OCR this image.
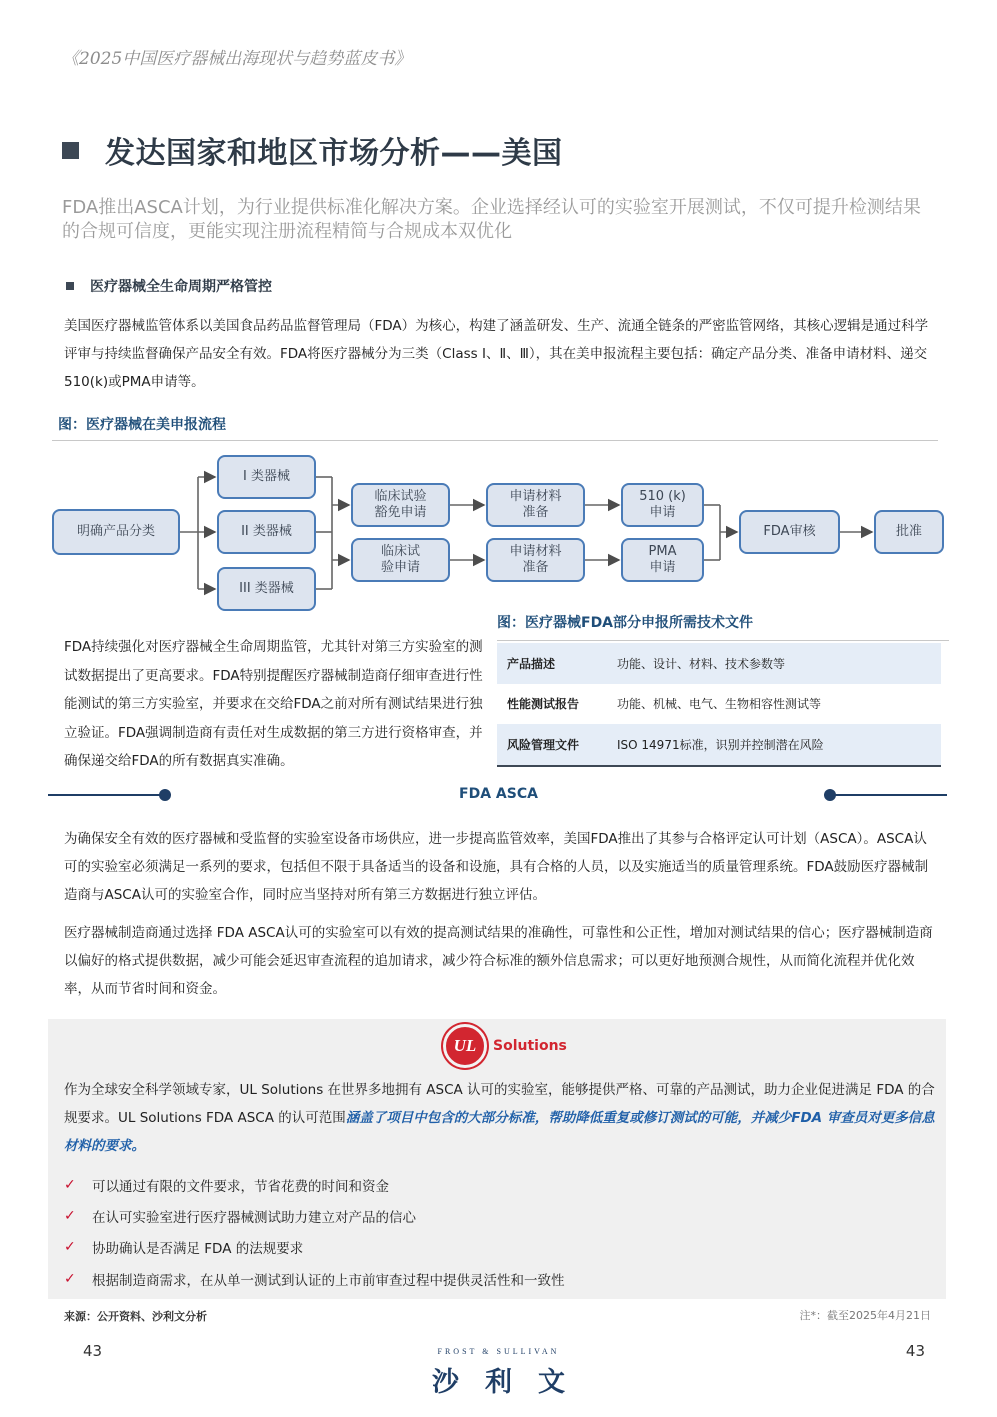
《2025中国医疗器械出海现状与趋势蓝皮书》
发达国家和地区市场分析——美国
FDA推出ASCA计划，为行业提供标准化解决方案。企业选择经认可的实验室开展测试，不仅可提升检测结果的合规可信度，更能实现注册流程精简与合规成本双优化
医疗器械全生命周期严格管控
美国医疗器械监管体系以美国食品药品监督管理局（FDA）为核心，构建了涵盖研发、生产、流通全链条的严密监管网络，其核心逻辑是通过科学评审与持续监督确保产品安全有效。FDA将医疗器械分为三类（Class Ⅰ、Ⅱ、Ⅲ），其在美申报流程主要包括：确定产品分类、准备申请材料、递交510(k)或PMA申请等。
图：医疗器械在美申报流程
明确产品分类
I 类器械
II 类器械
III 类器械
临床试验豁免申请
临床试验申请
申请材料准备
申请材料准备
510 (k)申请
PMA申请
FDA审核	批准
FDA持续强化对医疗器械全生命周期监管，尤其针对第三方实验室的测试数据提出了更高要求。FDA特别提醒医疗器械制造商仔细审查进行性能测试的第三方实验室，并要求在交给FDA之前对所有测试结果进行独立验证。FDA强调制造商有责任对生成数据的第三方进行资格审查，并确保递交给FDA的所有数据真实准确。
图：医疗器械FDA部分申报所需技术文件
产品描述	功能、设计、材料、技术参数等
性能测试报告	功能、机械、电气、生物相容性测试等
风险管理文件	ISO 14971标准，识别并控制潜在风险
FDA ASCA
为确保安全有效的医疗器械和受监督的实验室设备市场供应，进一步提高监管效率，美国FDA推出了其参与合格评定认可计划（ASCA）。ASCA认可的实验室必须满足一系列的要求，包括但不限于具备适当的设备和设施，具有合格的人员，以及实施适当的质量管理系统。FDA鼓励医疗器械制造商与ASCA认可的实验室合作，同时应当坚持对所有第三方数据进行独立评估。
医疗器械制造商通过选择 FDA ASCA认可的实验室可以有效的提高测试结果的准确性，可靠性和公正性，增加对测试结果的信心；医疗器械制造商以偏好的格式提供数据，减少可能会延迟审查流程的追加请求，减少符合标准的额外信息需求；可以更好地预测合规性，从而简化流程并优化效率，从而节省时间和资金。
UL	Solutions
作为全球安全科学领域专家，UL Solutions 在世界多地拥有 ASCA 认可的实验室，能够提供严格、可靠的产品测试，助力企业促进满足 FDA 的合规要求。UL Solutions FDA ASCA 的认可范围涵盖了项目中包含的大部分标准，帮助降低重复或修订测试的可能，并减少FDA 审查员对更多信息材料的要求。
✓	可以通过有限的文件要求，节省花费的时间和资金
✓	在认可实验室进行医疗器械测试助力建立对产品的信心
✓	协助确认是否满足 FDA 的法规要求
✓	根据制造商需求，在从单一测试到认证的上市前审查过程中提供灵活性和一致性
来源：公开资料、沙利文分析	注*：截至2025年4月21日
43	43
FROST & SULLIVAN
沙利文
